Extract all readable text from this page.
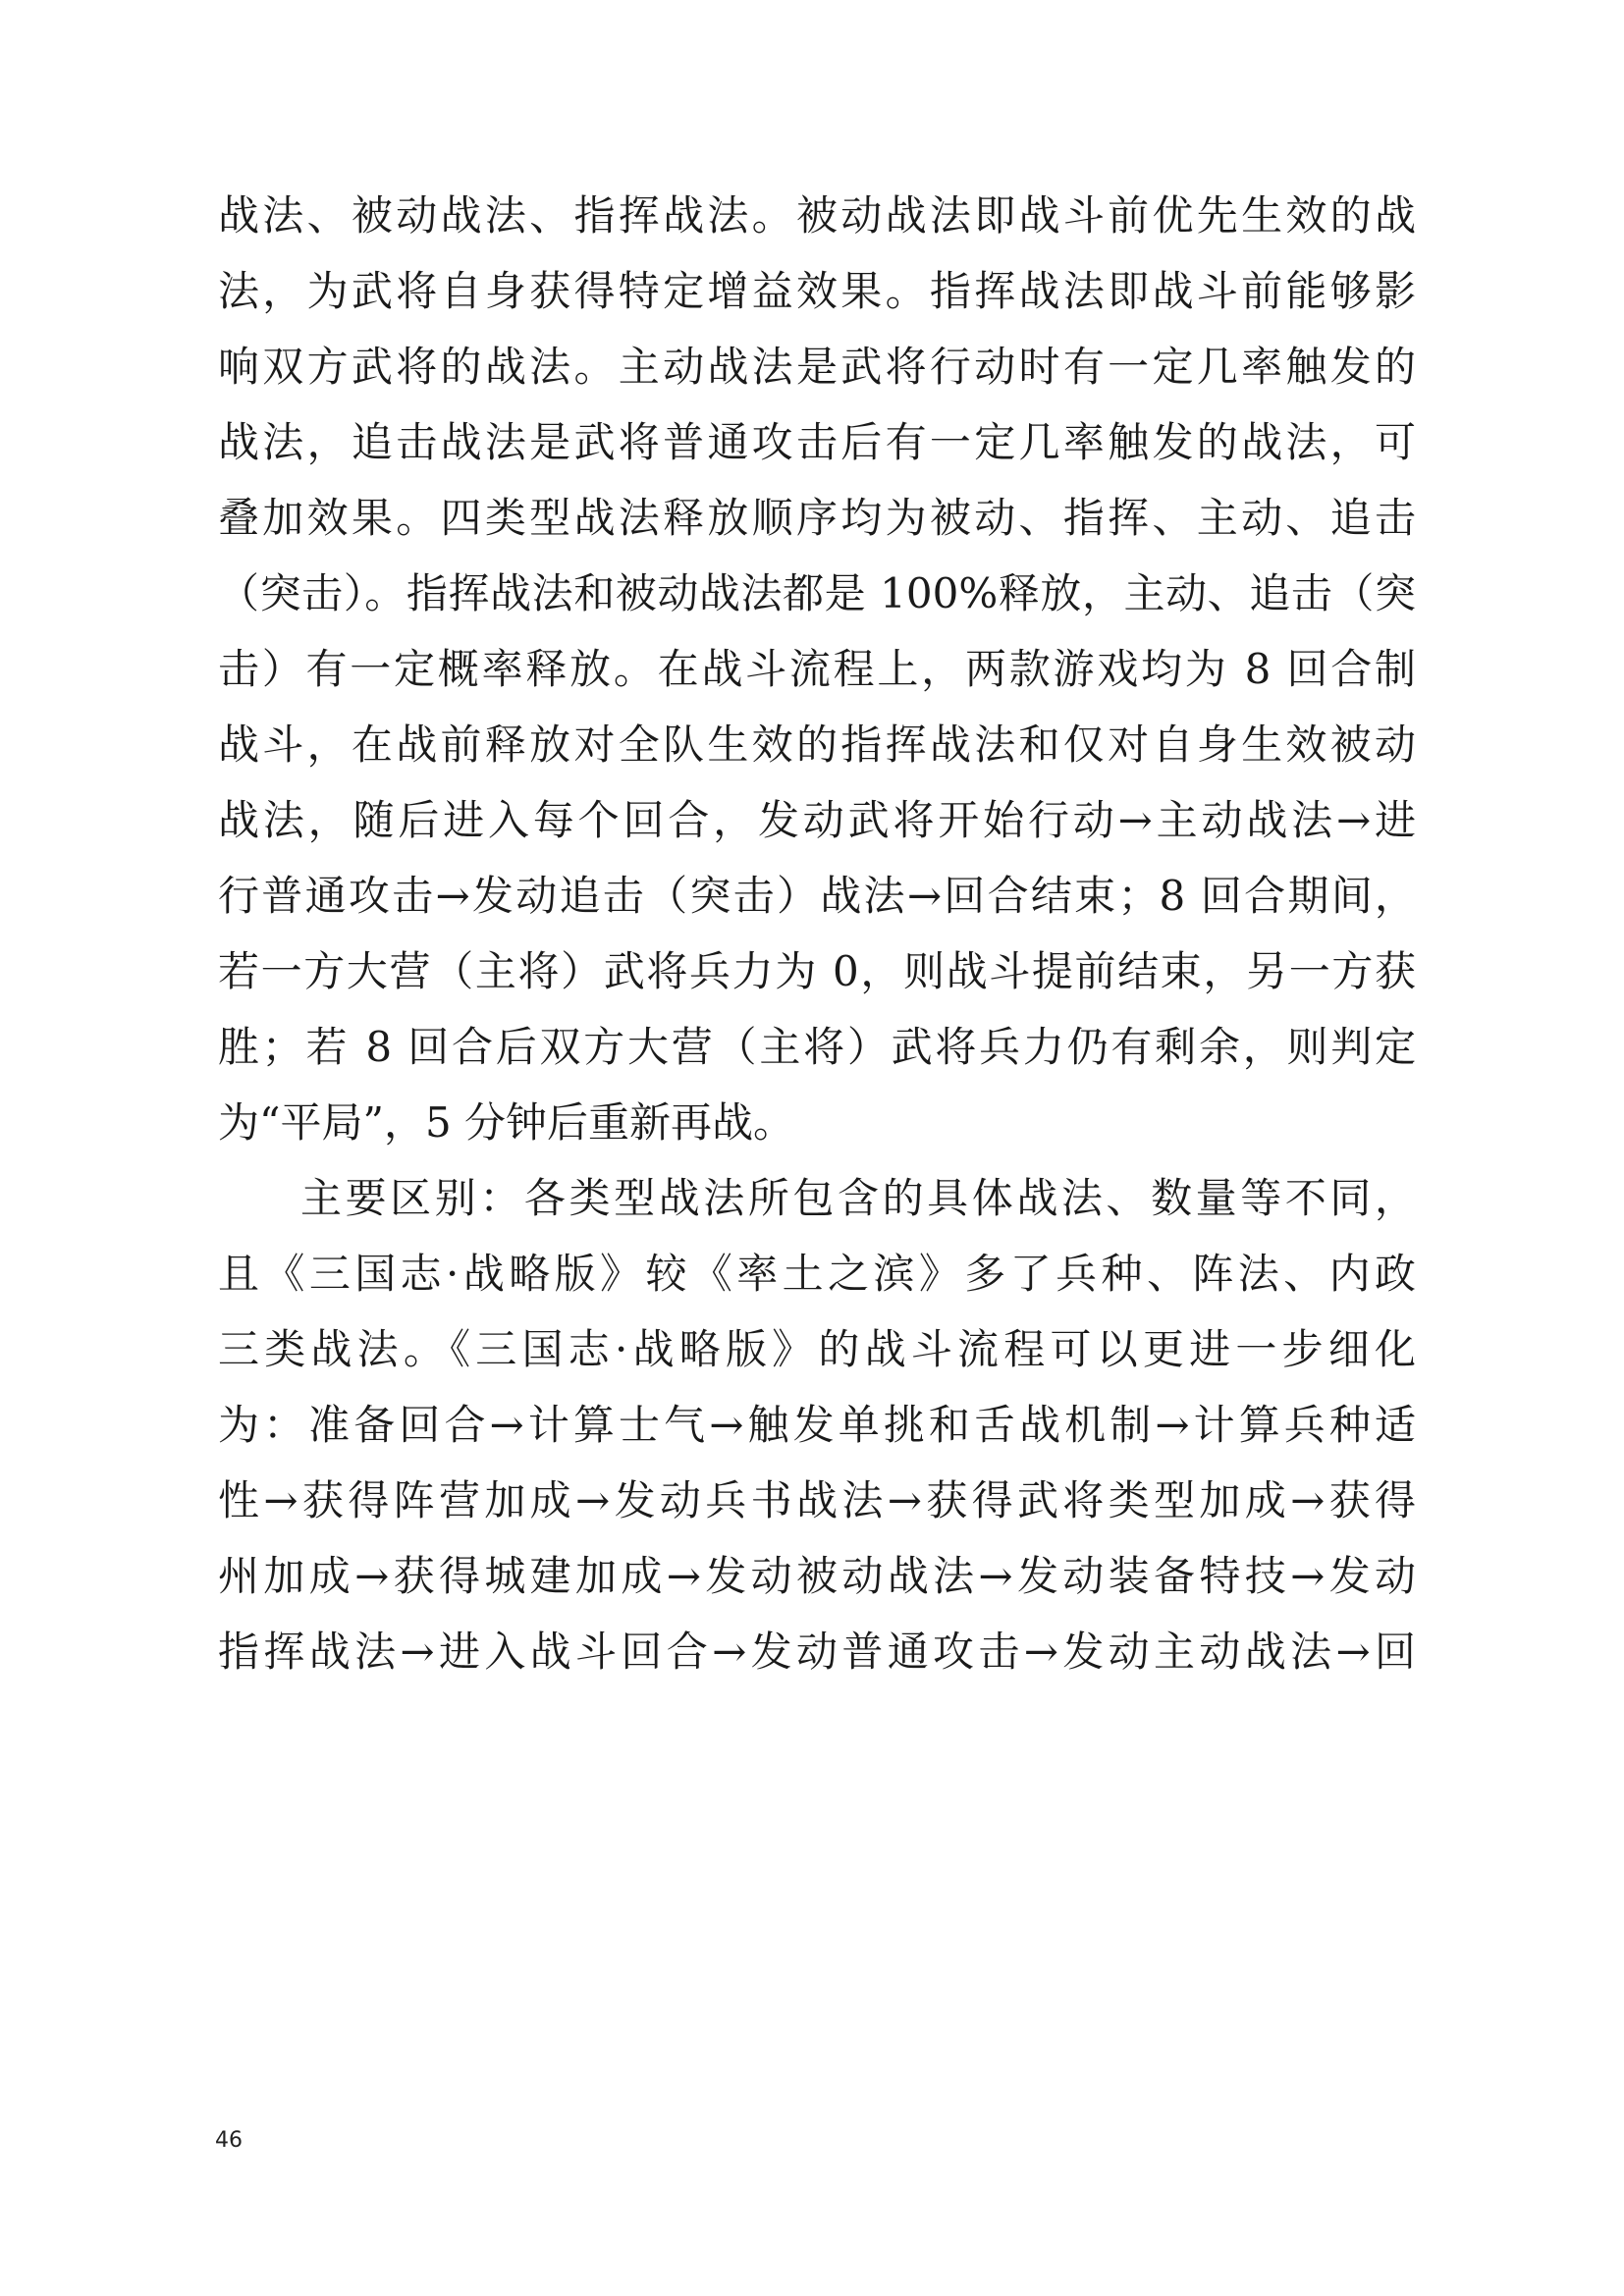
战法、被动战法、指挥战法。被动战法即战斗前优先生效的战
法，为武将自身获得特定增益效果。指挥战法即战斗前能够影
响双方武将的战法。主动战法是武将行动时有一定几率触发的
战法，追击战法是武将普通攻击后有一定几率触发的战法，可
叠加效果。四类型战法释放顺序均为被动、指挥、主动、追击
（突击）。指挥战法和被动战法都是 100%释放，主动、追击（突
击）有一定概率释放。在战斗流程上，两款游戏均为 8 回合制
战斗，在战前释放对全队生效的指挥战法和仅对自身生效被动
战法，随后进入每个回合，发动武将开始行动→主动战法→进
行普通攻击→发动追击（突击）战法→回合结束；8 回合期间，
若一方大营（主将）武将兵力为 0，则战斗提前结束，另一方获
胜；若 8 回合后双方大营（主将）武将兵力仍有剩余，则判定
为“平局”，5 分钟后重新再战。
主要区别：各类型战法所包含的具体战法、数量等不同，
且《三国志·战略版》较《率土之滨》多了兵种、阵法、内政
三类战法。《三国志·战略版》的战斗流程可以更进一步细化
为：准备回合→计算士气→触发单挑和舌战机制→计算兵种适
性→获得阵营加成→发动兵书战法→获得武将类型加成→获得
州加成→获得城建加成→发动被动战法→发动装备特技→发动
指挥战法→进入战斗回合→发动普通攻击→发动主动战法→回
46
